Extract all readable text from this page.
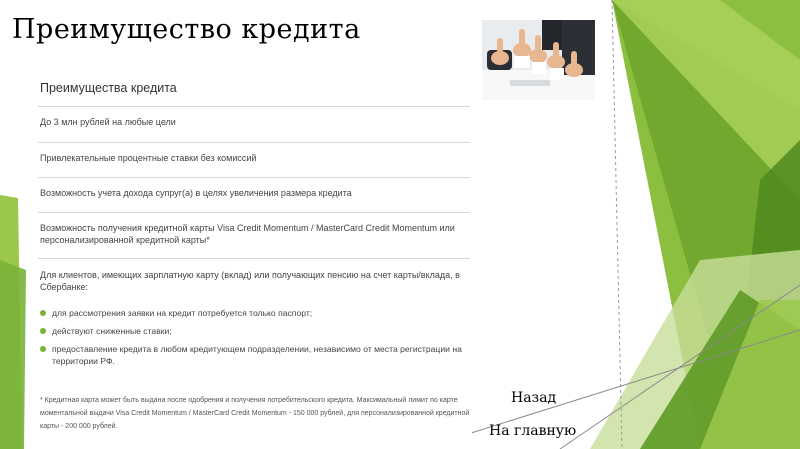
Преимущество кредита
Преимущества кредита
До 3 млн рублей на любые цели
Привлекательные процентные ставки без комиссий
Возможность учета дохода супруг(а) в целях увеличения размера кредита
Возможность получения кредитной карты Visa Credit Momentum / MasterCard Credit Momentum или персонализированной кредитной карты*
Для клиентов, имеющих зарплатную карту (вклад) или получающих пенсию на счет карты/вклада, в Сбербанке:
для рассмотрения заявки на кредит потребуется только паспорт;
действуют сниженные ставки;
предоставление кредита в любом кредитующем подразделении, независимо от места регистрации на территории РФ.
* Кредитная карта может быть выдана после одобрения и получения потребительского кредита. Максимальный лимит по карте моментальной выдачи Visa Credit Momentum / MasterCard Credit Momentum - 150 000 рублей, для персонализированной кредитной карты - 200 000 рублей.
Назад
На главную
